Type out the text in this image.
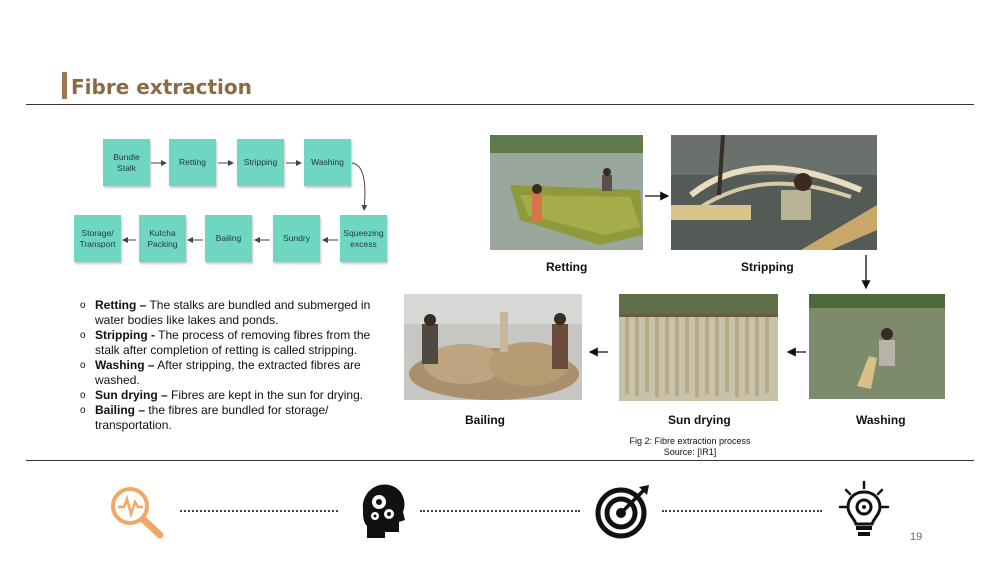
Fibre extraction
Bundle Stalk
Retting	Stripping	Washing
Squeezing excess
Sundry
Bailing
Kutcha Packing
Storage/ Transport
o Retting – The stalks are bundled and submerged in water bodies like lakes and ponds.
o Stripping - The process of removing fibres from the stalk after completion of retting is called stripping.
o Washing – After stripping, the extracted fibres are washed.
o Sun drying – Fibres are kept in the sun for drying.
o Bailing – the fibres are bundled for storage/ transportation.
Retting	Stripping
Washing
Sun drying
Bailing
Fig 2: Fibre extraction process
Source: [IR1]
19
